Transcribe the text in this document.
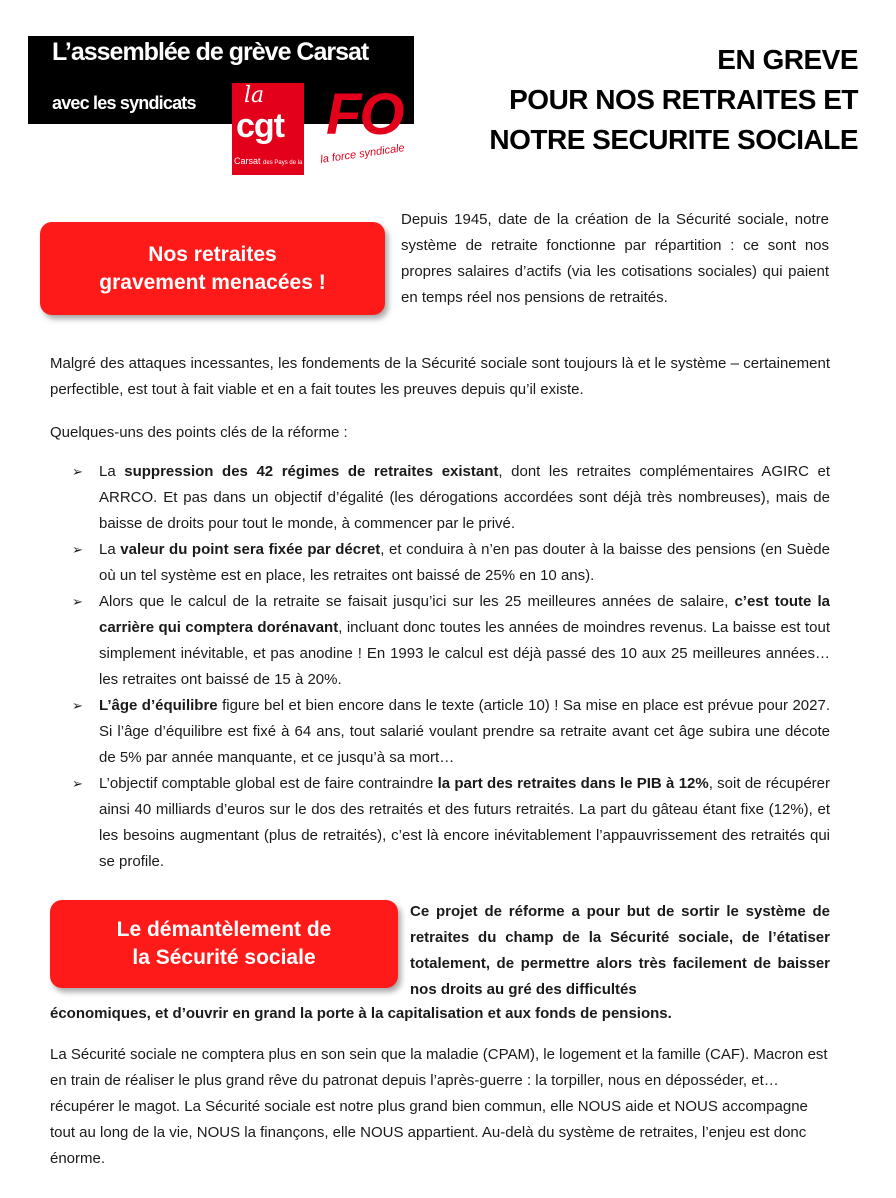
L’assemblée de grève Carsat
avec les syndicats la
cgt
Carsat des Pays de la Loire
FO
la force syndicale
EN GREVE
POUR NOS RETRAITES ET
NOTRE SECURITE SOCIALE
Nos retraites
gravement menacées !

Depuis 1945, date de la création de la Sécurité sociale, notre système de retraite fonctionne par répartition : ce sont nos propres salaires d’actifs (via les cotisations sociales) qui paient en temps réel nos pensions de retraités.

Malgré des attaques incessantes, les fondements de la Sécurité sociale sont toujours là et le système – certainement perfectible, est tout à fait viable et en a fait toutes les preuves depuis qu’il existe.

Quelques-uns des points clés de la réforme :

➢ La suppression des 42 régimes de retraites existant, dont les retraites complémentaires AGIRC et ARRCO. Et pas dans un objectif d’égalité (les dérogations accordées sont déjà très nombreuses), mais de baisse de droits pour tout le monde, à commencer par le privé.
➢ La valeur du point sera fixée par décret, et conduira à n’en pas douter à la baisse des pensions (en Suède où un tel système est en place, les retraites ont baissé de 25% en 10 ans).
➢ Alors que le calcul de la retraite se faisait jusqu’ici sur les 25 meilleures années de salaire, c’est toute la carrière qui comptera dorénavant, incluant donc toutes les années de moindres revenus. La baisse est tout simplement inévitable, et pas anodine ! En 1993 le calcul est déjà passé des 10 aux 25 meilleures années… les retraites ont baissé de 15 à 20%.
➢ L’âge d’équilibre figure bel et bien encore dans le texte (article 10) ! Sa mise en place est prévue pour 2027. Si l’âge d’équilibre est fixé à 64 ans, tout salarié voulant prendre sa retraite avant cet âge subira une décote de 5% par année manquante, et ce jusqu’à sa mort…
➢ L’objectif comptable global est de faire contraindre la part des retraites dans le PIB à 12%, soit de récupérer ainsi 40 milliards d’euros sur le dos des retraités et des futurs retraités. La part du gâteau étant fixe (12%), et les besoins augmentant (plus de retraités), c’est là encore inévitablement l’appauvrissement des retraités qui se profile.
Le démantèlement de
la Sécurité sociale

Ce projet de réforme a pour but de sortir le système de retraites du champ de la Sécurité sociale, de l’étatiser totalement, de permettre alors très facilement de baisser nos droits au gré des difficultés

économiques, et d’ouvrir en grand la porte à la capitalisation et aux fonds de pensions.

La Sécurité sociale ne comptera plus en son sein que la maladie (CPAM), le logement et la famille (CAF). Macron est en train de réaliser le plus grand rêve du patronat depuis l’après-guerre : la torpiller, nous en déposséder, et… récupérer le magot. La Sécurité sociale est notre plus grand bien commun, elle NOUS aide et NOUS accompagne tout au long de la vie, NOUS la finançons, elle NOUS appartient. Au-delà du système de retraites, l’enjeu est donc énorme.
